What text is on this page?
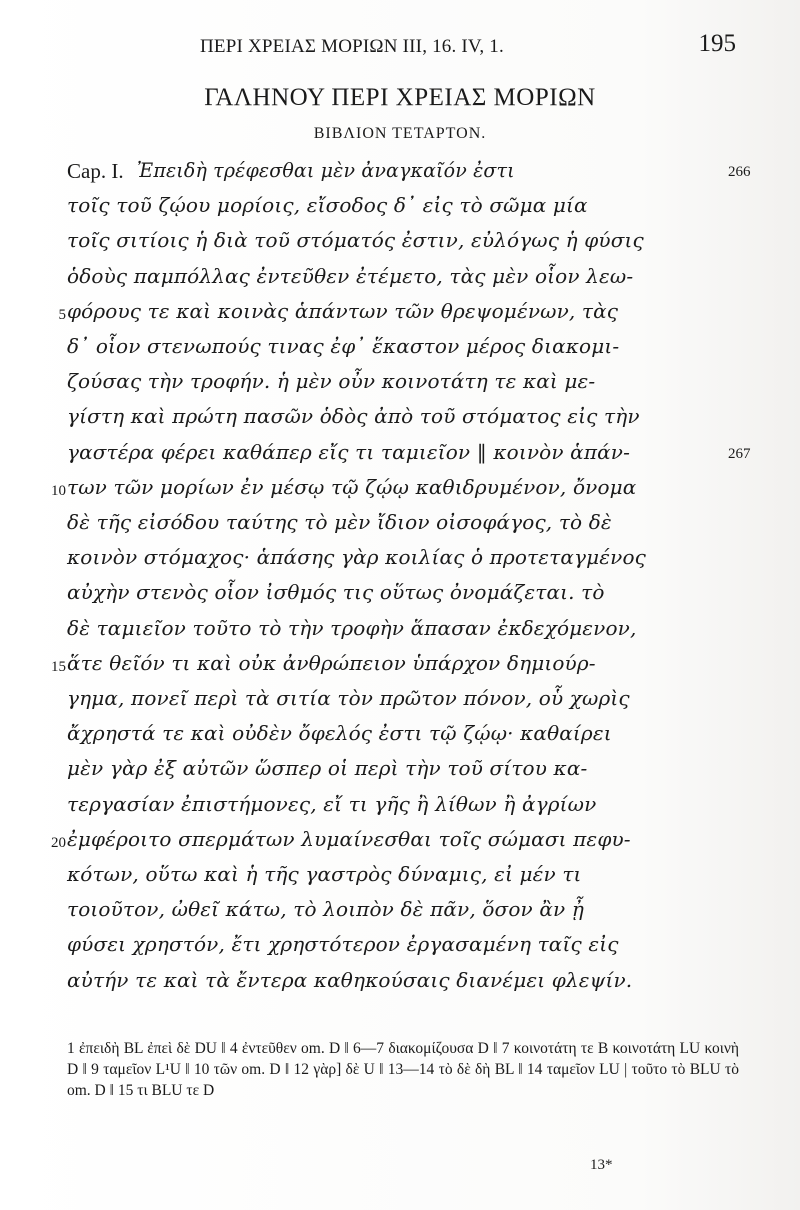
ΠΕΡΙ ΧΡΕΙΑΣ ΜΟΡΙΩΝ III, 16. IV, 1.	195
ΓΑΛΗΝΟΥ ΠΕΡΙ ΧΡΕΙΑΣ ΜΟΡΙΩΝ
ΒΙΒΛΙΟΝ ΤΕΤΑΡΤΟΝ.
Cap. I. Ἐπειδὴ τρέφεσθαι μὲν ἀναγκαῖόν ἐστι	266
τοῖς τοῦ ζῴου μορίοις, εἴσοδος δ᾽ εἰς τὸ σῶμα μία
τοῖς σιτίοις ἡ διὰ τοῦ στόματός ἐστιν, εὐλόγως ἡ φύσις
ὁδοὺς παμπόλλας ἐντεῦθεν ἐτέμετο, τὰς μὲν οἷον λεω-
5 φόρους τε καὶ κοινὰς ἁπάντων τῶν θρεψομένων, τὰς
δ᾽ οἷον στενωπούς τινας ἐφ᾽ ἕκαστον μέρος διακομι-
ζούσας τὴν τροφήν. ἡ μὲν οὖν κοινοτάτη τε καὶ με-
γίστη καὶ πρώτη πασῶν ὁδὸς ἀπὸ τοῦ στόματος εἰς τὴν
γαστέρα φέρει καθάπερ εἴς τι ταμιεῖον ‖ κοινὸν ἁπάν-	267
10 των τῶν μορίων ἐν μέσῳ τῷ ζῴῳ καθιδρυμένον, ὄνομα
δὲ τῆς εἰσόδου ταύτης τὸ μὲν ἴδιον οἰσοφάγος, τὸ δὲ
κοινὸν στόμαχος· ἁπάσης γὰρ κοιλίας ὁ προτεταγμένος
αὐχὴν στενὸς οἷον ἰσθμός τις οὕτως ὀνομάζεται. τὸ
δὲ ταμιεῖον τοῦτο τὸ τὴν τροφὴν ἅπασαν ἐκδεχόμενον,
15 ἅτε θεῖόν τι καὶ οὐκ ἀνθρώπειον ὑπάρχον δημιούρ-
γημα, πονεῖ περὶ τὰ σιτία τὸν πρῶτον πόνον, οὗ χωρὶς
ἄχρηστά τε καὶ οὐδὲν ὄφελός ἐστι τῷ ζῴῳ· καθαίρει
μὲν γὰρ ἐξ αὐτῶν ὥσπερ οἱ περὶ τὴν τοῦ σίτου κα-
τεργασίαν ἐπιστήμονες, εἴ τι γῆς ἢ λίθων ἢ ἀγρίων
20 ἐμφέροιτο σπερμάτων λυμαίνεσθαι τοῖς σώμασι πεφυ-
κότων, οὕτω καὶ ἡ τῆς γαστρὸς δύναμις, εἰ μέν τι
τοιοῦτον, ὠθεῖ κάτω, τὸ λοιπὸν δὲ πᾶν, ὅσον ἂν ᾖ
φύσει χρηστόν, ἔτι χρηστότερον ἐργασαμένη ταῖς εἰς
αὐτήν τε καὶ τὰ ἔντερα καθηκούσαις διανέμει φλεψίν.
1 ἐπειδὴ BL ἐπεὶ δὲ DU ‖ 4 ἐντεῦθεν om. D ‖ 6—7 διακομίζουσα D ‖ 7 κοινοτάτη τε B κοινοτάτη LU κοινὴ D ‖ 9 ταμεῖον L¹U ‖ 10 τῶν om. D ‖ 12 γὰρ] δὲ U ‖ 13—14 τὸ δὲ δὴ BL ‖ 14 ταμεῖον LU | τοῦτο τὸ BLU τὸ om. D ‖ 15 τι BLU τε D
13*
